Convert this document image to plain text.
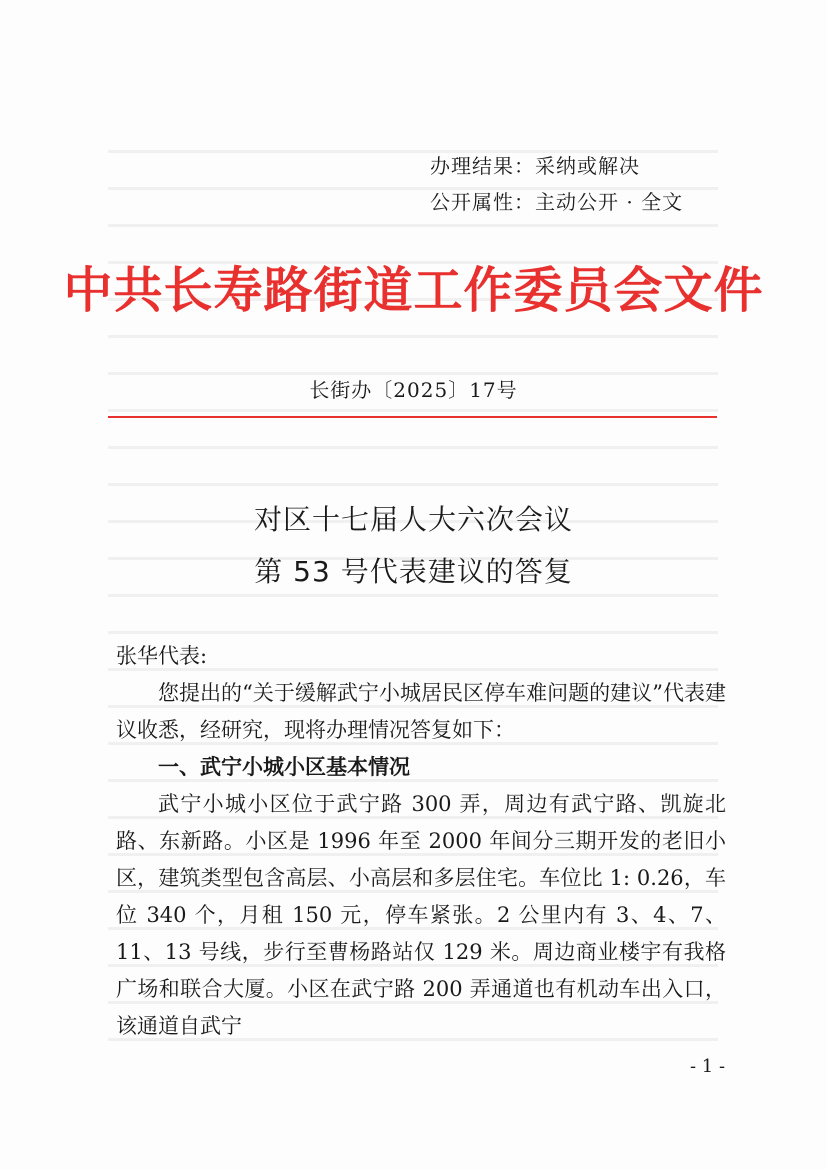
办理结果：采纳或解决
公开属性：主动公开 · 全文
中共长寿路街道工作委员会文件
长街办〔2025〕17号
对区十七届人大六次会议
第 53 号代表建议的答复

张华代表:

您提出的“关于缓解武宁小城居民区停车难问题的建议”代表建议收悉，经研究，现将办理情况答复如下：

一、武宁小城小区基本情况

武宁小城小区位于武宁路 300 弄，周边有武宁路、凯旋北路、东新路。小区是 1996 年至 2000 年间分三期开发的老旧小区，建筑类型包含高层、小高层和多层住宅。车位比 1: 0.26，车位 340 个，月租 150 元，停车紧张。2 公里内有 3、4、7、11、13 号线，步行至曹杨路站仅 129 米。周边商业楼宇有我格广场和联合大厦。小区在武宁路 200 弄通道也有机动车出入口，该通道自武宁

- 1 -
